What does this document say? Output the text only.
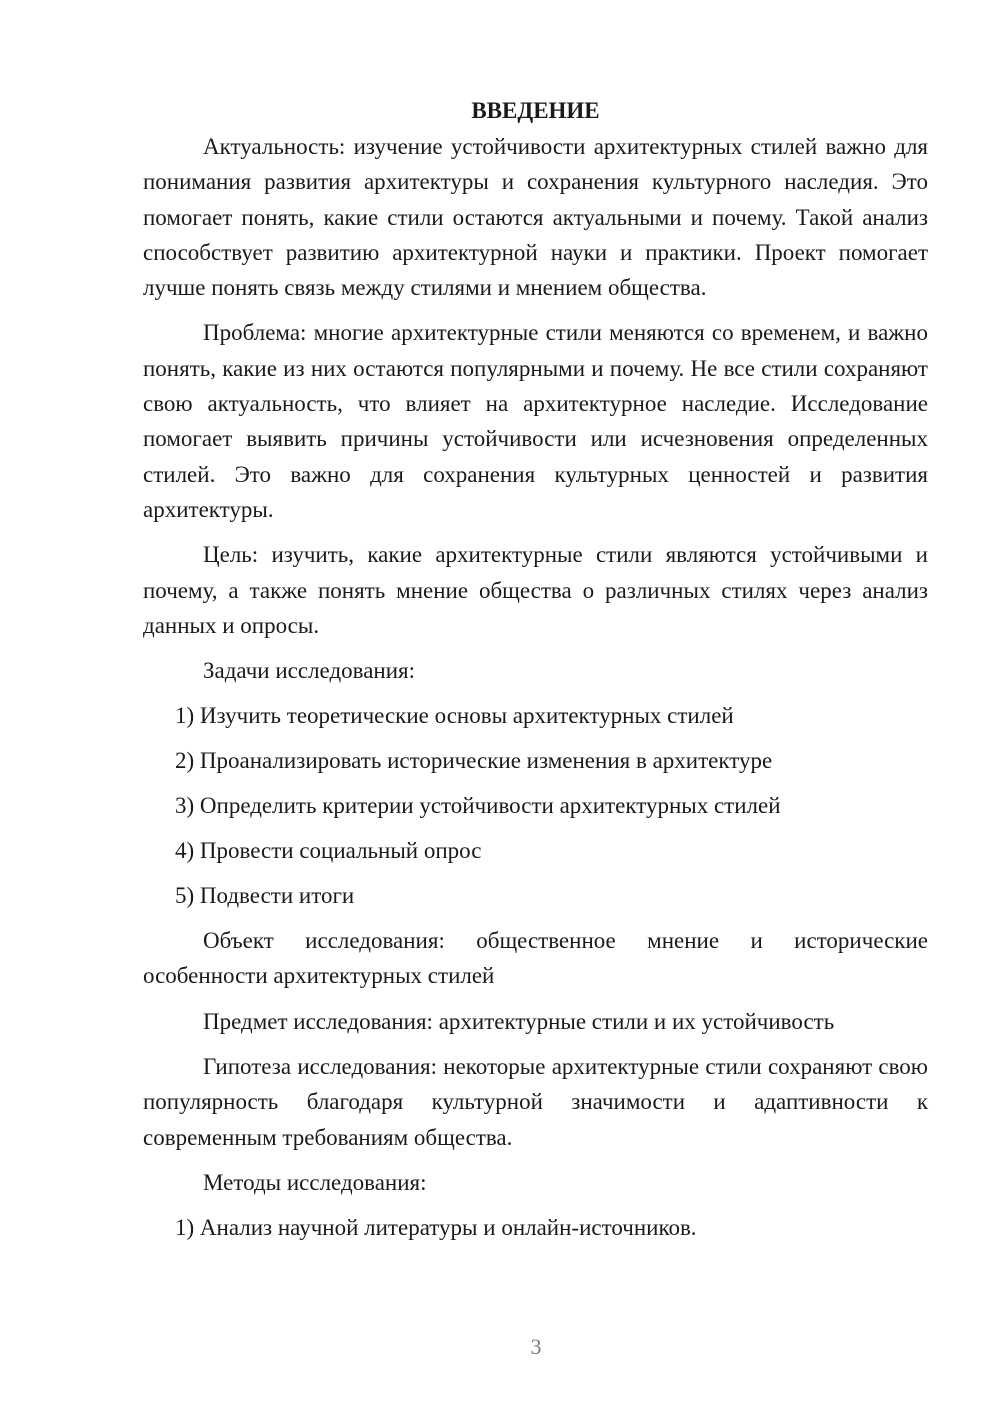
ВВЕДЕНИЕ

Актуальность: изучение устойчивости архитектурных стилей важно для понимания развития архитектуры и сохранения культурного наследия. Это помогает понять, какие стили остаются актуальными и почему. Такой анализ способствует развитию архитектурной науки и практики. Проект помогает лучше понять связь между стилями и мнением общества.

Проблема: многие архитектурные стили меняются со временем, и важно понять, какие из них остаются популярными и почему. Не все стили сохраняют свою актуальность, что влияет на архитектурное наследие. Исследование помогает выявить причины устойчивости или исчезновения определенных стилей. Это важно для сохранения культурных ценностей и развития архитектуры.

Цель: изучить, какие архитектурные стили являются устойчивыми и почему, а также понять мнение общества о различных стилях через анализ данных и опросы.

Задачи исследования:

1) Изучить теоретические основы архитектурных стилей
2) Проанализировать исторические изменения в архитектуре
3) Определить критерии устойчивости архитектурных стилей
4) Провести социальный опрос
5) Подвести итоги

Объект исследования: общественное мнение и исторические особенности архитектурных стилей

Предмет исследования: архитектурные стили и их устойчивость

Гипотеза исследования: некоторые архитектурные стили сохраняют свою популярность благодаря культурной значимости и адаптивности к современным требованиям общества.

Методы исследования:

1) Анализ научной литературы и онлайн-источников.
3
